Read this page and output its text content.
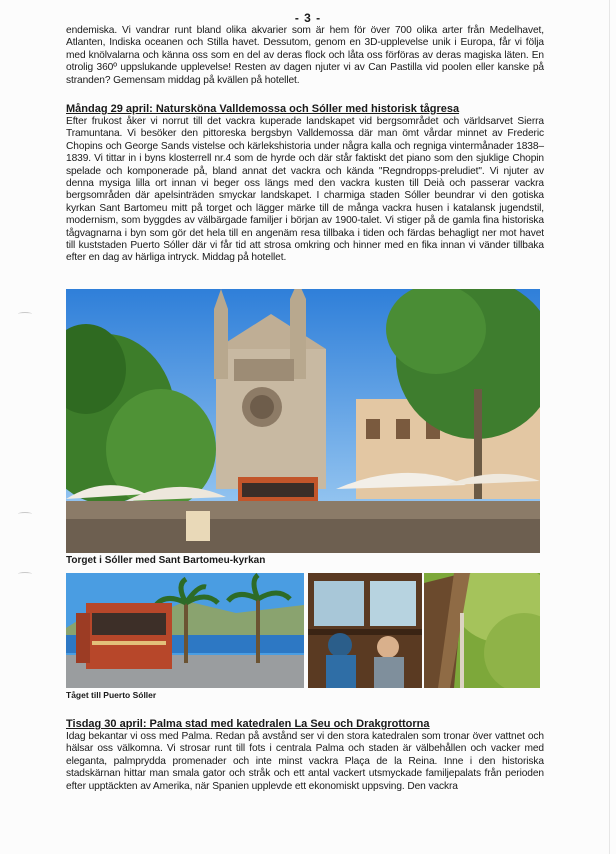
- 3 -
endemiska. Vi vandrar runt bland olika akvarier som är hem för över 700 olika arter från Medelhavet, Atlanten, Indiska oceanen och Stilla havet. Dessutom, genom en 3D-upplevelse unik i Europa, får vi följa med knölvalarna och känna oss som en del av deras flock och låta oss förföras av deras magiska läten. En otrolig 360º uppslukande upplevelse! Resten av dagen njuter vi av Can Pastilla vid poolen eller kanske på stranden? Gemensam middag på kvällen på hotellet.
Måndag 29 april: Natursköna Valldemossa och Sóller med historisk tågresa
Efter frukost åker vi norrut till det vackra kuperade landskapet vid bergsområdet och världsarvet Sierra Tramuntana. Vi besöker den pittoreska bergsbyn Valldemossa där man ömt vårdar minnet av Frederic Chopins och George Sands vistelse och kärlekshistoria under några kalla och regniga vintermånader 1838–1839. Vi tittar in i byns klosterrell nr.4 som de hyrde och där står faktiskt det piano som den sjuklige Chopin spelade och komponerade på, bland annat det vackra och kända "Regndropps-preludiet". Vi njuter av denna mysiga lilla ort innan vi beger oss längs med den vackra kusten till Deià och passerar vackra bergsområden där apelsinträden smyckar landskapet. I charmiga staden Sóller beundrar vi den gotiska kyrkan Sant Bartomeu mitt på torget och lägger märke till de många vackra husen i katalansk jugendstil, modernism, som byggdes av välbärgade familjer i början av 1900-talet. Vi stiger på de gamla fina historiska tågvagnarna i byn som gör det hela till en angenäm resa tillbaka i tiden och färdas behagligt ner mot havet till kuststaden Puerto Sóller där vi får tid att strosa omkring och hinner med en fika innan vi vänder tillbaka efter en dag av härliga intryck. Middag på hotellet.
Torget i Sóller med Sant Bartomeu-kyrkan
Tåget till Puerto Sóller
Tisdag 30 april: Palma stad med katedralen La Seu och Drakgrottorna
Idag bekantar vi oss med Palma. Redan på avstånd ser vi den stora katedralen som tronar över vattnet och hälsar oss välkomna. Vi strosar runt till fots i centrala Palma och staden är välbehållen och vacker med eleganta, palmprydda promenader och inte minst vackra Plaça de la Reina. Inne i den historiska stadskärnan hittar man smala gator och stråk och ett antal vackert utsmyckade familjepalats från perioden efter upptäckten av Amerika, när Spanien upplevde ett ekonomiskt uppsving. Den vackra
